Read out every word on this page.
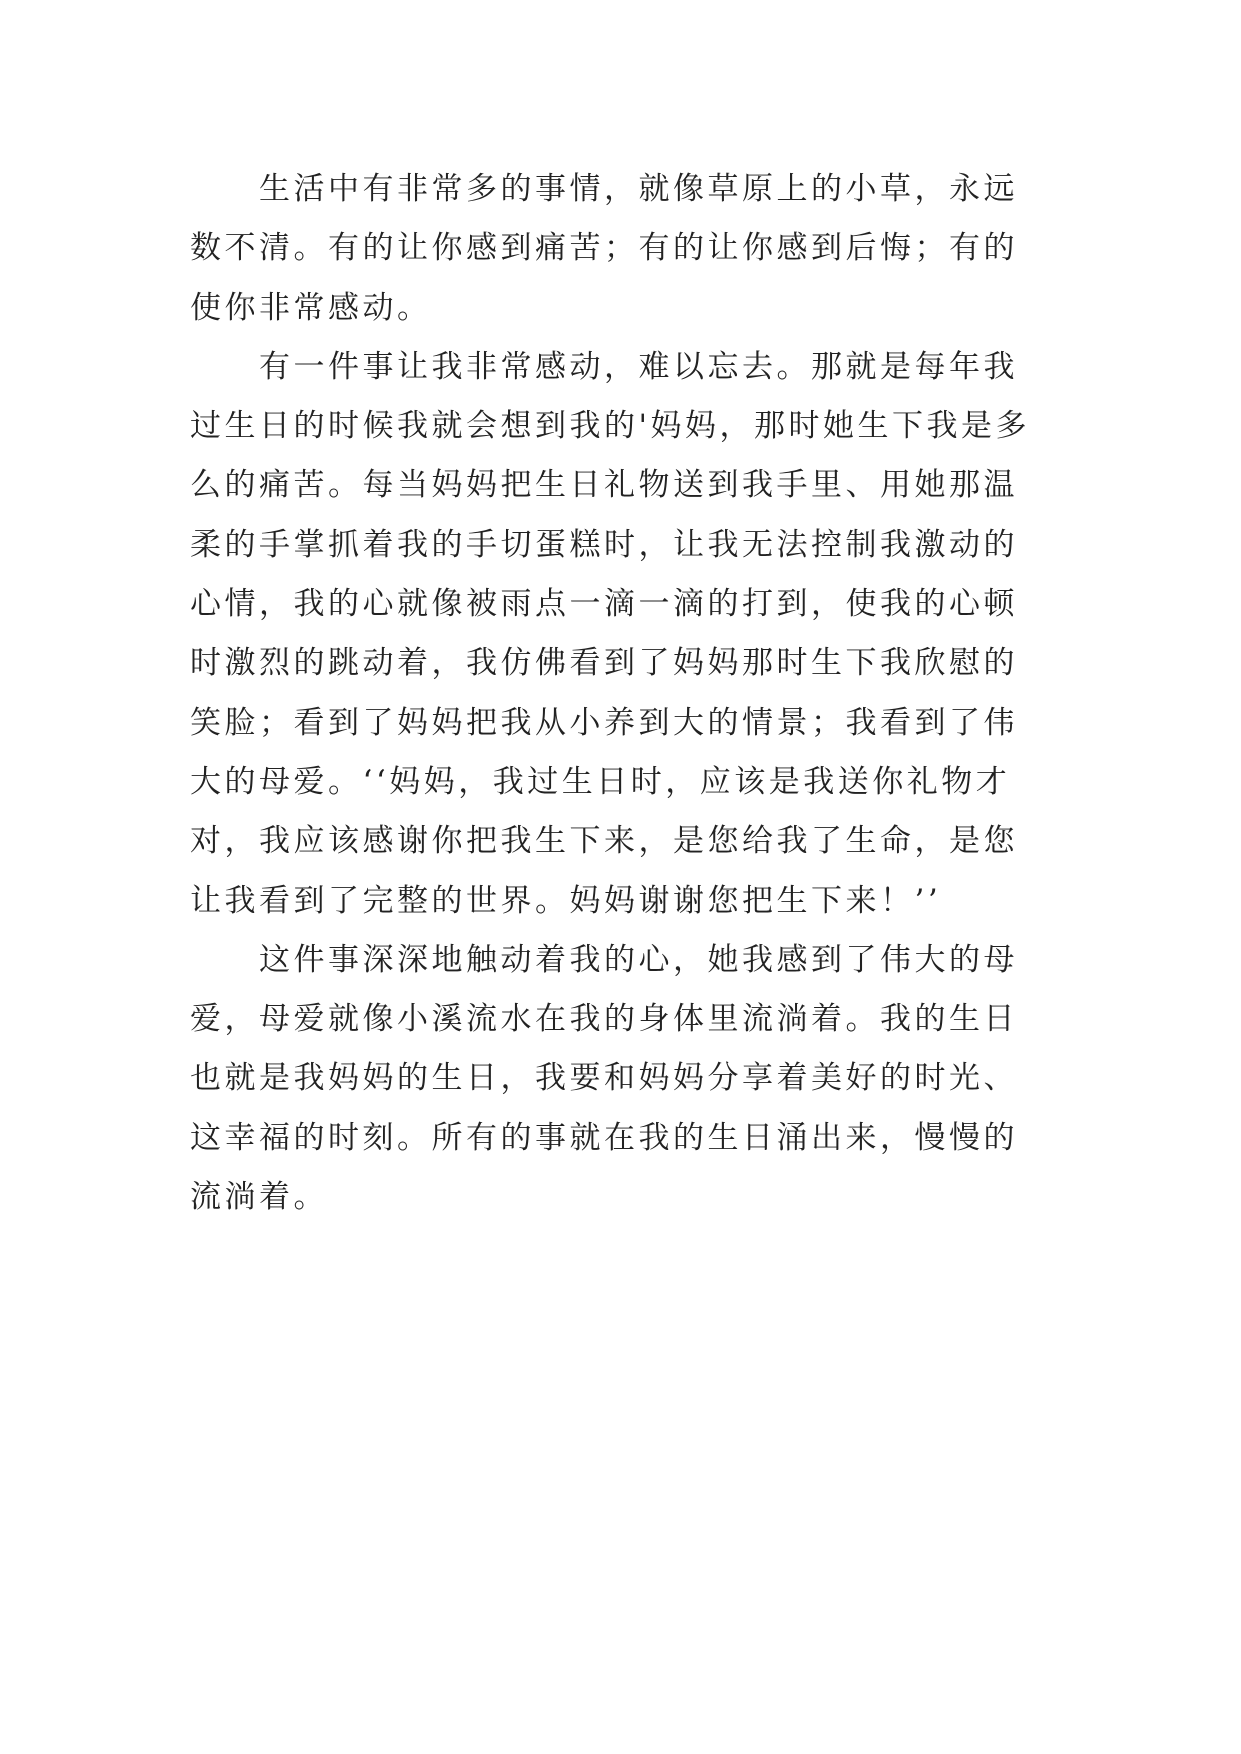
生活中有非常多的事情，就像草原上的小草，永远数不清。有的让你感到痛苦；有的让你感到后悔；有的使你非常感动。

有一件事让我非常感动，难以忘去。那就是每年我过生日的时候我就会想到我的'妈妈，那时她生下我是多么的痛苦。每当妈妈把生日礼物送到我手里、用她那温柔的手掌抓着我的手切蛋糕时，让我无法控制我激动的心情，我的心就像被雨点一滴一滴的打到，使我的心顿时激烈的跳动着，我仿佛看到了妈妈那时生下我欣慰的笑脸；看到了妈妈把我从小养到大的情景；我看到了伟大的母爱。‘‘妈妈，我过生日时，应该是我送你礼物才对，我应该感谢你把我生下来，是您给我了生命，是您让我看到了完整的世界。妈妈谢谢您把生下来！’’

这件事深深地触动着我的心，她我感到了伟大的母爱，母爱就像小溪流水在我的身体里流淌着。我的生日也就是我妈妈的生日，我要和妈妈分享着美好的时光、这幸福的时刻。所有的事就在我的生日涌出来，慢慢的流淌着。
